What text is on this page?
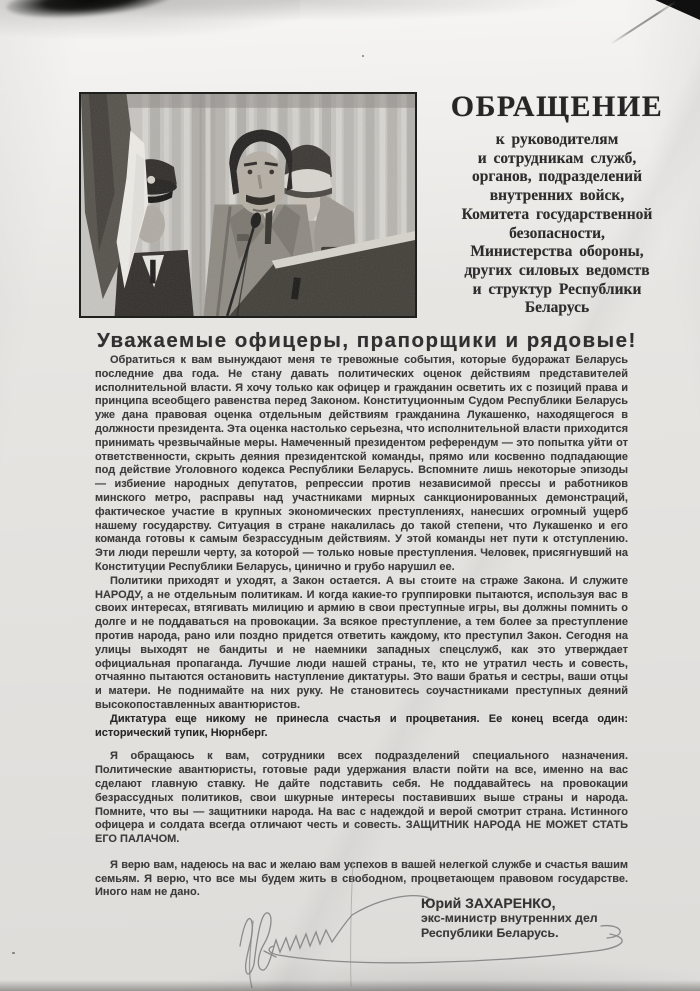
ОБРАЩЕНИЕ
к руководителям
и сотрудникам служб,
органов, подразделений
внутренних войск,
Комитета государственной
безопасности,
Министерства обороны,
других силовых ведомств
и структур Республики
Беларусь
Уважаемые офицеры, прапорщики и рядовые!

Обратиться к вам вынуждают меня те тревожные события, которые будоражат Беларусь последние два года. Не стану давать политических оценок действиям представителей исполнительной власти. Я хочу только как офицер и гражданин осветить их с позиций права и принципа всеобщего равенства перед Законом. Конституционным Судом Республики Беларусь уже дана правовая оценка отдельным действиям гражданина Лукашенко, находящегося в должности президента. Эта оценка настолько серьезна, что исполнительной власти приходится принимать чрезвычайные меры. Намеченный президентом референдум — это попытка уйти от ответственности, скрыть деяния президентской команды, прямо или косвенно подпадающие под действие Уголовного кодекса Республики Беларусь. Вспомните лишь некоторые эпизоды — избиение народных депутатов, репрессии против независимой прессы и работников минского метро, расправы над участниками мирных санкционированных демонстраций, фактическое участие в крупных экономических преступлениях, нанесших огромный ущерб нашему государству. Ситуация в стране накалилась до такой степени, что Лукашенко и его команда готовы к самым безрассудным действиям. У этой команды нет пути к отступлению. Эти люди перешли черту, за которой — только новые преступления. Человек, присягнувший на Конституции Республики Беларусь, цинично и грубо нарушил ее.

Политики приходят и уходят, а Закон остается. А вы стоите на страже Закона. И служите НАРОДУ, а не отдельным политикам. И когда какие-то группировки пытаются, используя вас в своих интересах, втягивать милицию и армию в свои преступные игры, вы должны помнить о долге и не поддаваться на провокации. За всякое преступление, а тем более за преступление против народа, рано или поздно придется ответить каждому, кто преступил Закон. Сегодня на улицы выходят не бандиты и не наемники западных спецслужб, как это утверждает официальная пропаганда. Лучшие люди нашей страны, те, кто не утратил честь и совесть, отчаянно пытаются остановить наступление диктатуры. Это ваши братья и сестры, ваши отцы и матери. Не поднимайте на них руку. Не становитесь соучастниками преступных деяний высокопоставленных авантюристов.

Диктатура еще никому не принесла счастья и процветания. Ее конец всегда один: исторический тупик, Нюрнберг.

Я обращаюсь к вам, сотрудники всех подразделений специального назначения. Политические авантюристы, готовые ради удержания власти пойти на все, именно на вас сделают главную ставку. Не дайте подставить себя. Не поддавайтесь на провокации безрассудных политиков, свои шкурные интересы поставивших выше страны и народа. Помните, что вы — защитники народа. На вас с надеждой и верой смотрит страна. Истинного офицера и солдата всегда отличают честь и совесть. ЗАЩИТНИК НАРОДА НЕ МОЖЕТ СТАТЬ ЕГО ПАЛАЧОМ.

Я верю вам, надеюсь на вас и желаю вам успехов в вашей нелегкой службе и счастья вашим семьям. Я верю, что все мы будем жить в свободном, процветающем правовом государстве. Иного нам не дано.

Юрий ЗАХАРЕНКО,
экс-министр внутренних дел
Республики Беларусь.
